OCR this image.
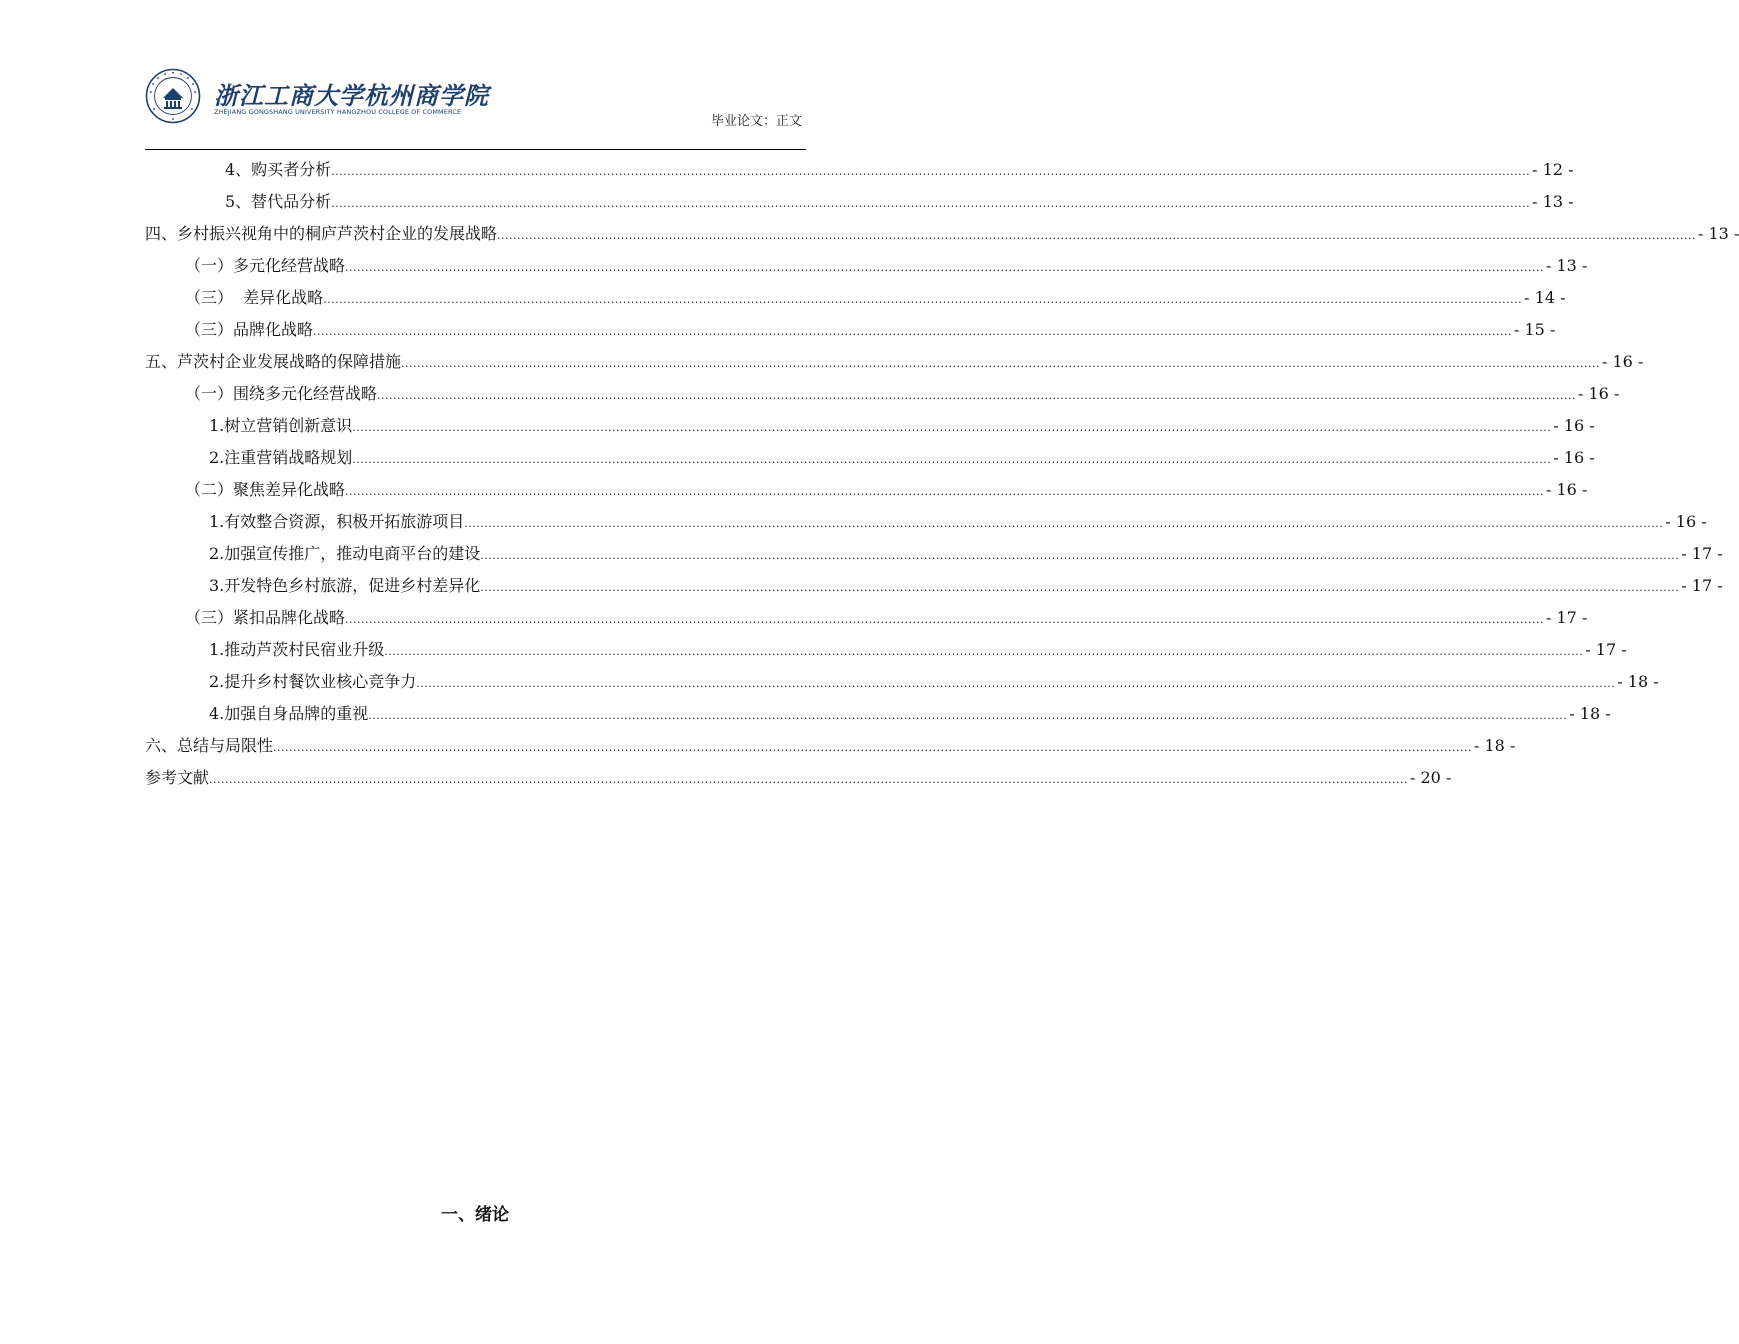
浙江工商大学杭州商学院
ZHEJIANG GONGSHANG UNIVERSITY HANGZHOU COLLEGE OF COMMERCE
毕业论文：正文
4、购买者分析 ............................................................................................................................................................................................................................................................................................................ - 12 -
5、替代品分析 ............................................................................................................................................................................................................................................................................................................ - 13 -
四、乡村振兴视角中的桐庐芦茨村企业的发展战略 ............................................................................................................................................................................................................................................................................................................ - 13 -
（一）多元化经营战略 ............................................................................................................................................................................................................................................................................................................ - 13 -
（三）  差异化战略 ............................................................................................................................................................................................................................................................................................................ - 14 -
（三）品牌化战略 ............................................................................................................................................................................................................................................................................................................ - 15 -
五、芦茨村企业发展战略的保障措施 ............................................................................................................................................................................................................................................................................................................ - 16 -
（一）围绕多元化经营战略 ............................................................................................................................................................................................................................................................................................................ - 16 -
1.树立营销创新意识 ............................................................................................................................................................................................................................................................................................................ - 16 -
2.注重营销战略规划 ............................................................................................................................................................................................................................................................................................................ - 16 -
（二）聚焦差异化战略 ............................................................................................................................................................................................................................................................................................................ - 16 -
1.有效整合资源，积极开拓旅游项目 ............................................................................................................................................................................................................................................................................................................ - 16 -
2.加强宣传推广，推动电商平台的建设 ............................................................................................................................................................................................................................................................................................................ - 17 -
3.开发特色乡村旅游，促进乡村差异化 ............................................................................................................................................................................................................................................................................................................ - 17 -
（三）紧扣品牌化战略 ............................................................................................................................................................................................................................................................................................................ - 17 -
1.推动芦茨村民宿业升级 ............................................................................................................................................................................................................................................................................................................ - 17 -
2.提升乡村餐饮业核心竞争力 ............................................................................................................................................................................................................................................................................................................ - 18 -
4.加强自身品牌的重视 ............................................................................................................................................................................................................................................................................................................ - 18 -
六、总结与局限性 ............................................................................................................................................................................................................................................................................................................ - 18 -
参考文献 ............................................................................................................................................................................................................................................................................................................ - 20 -
一、绪论
